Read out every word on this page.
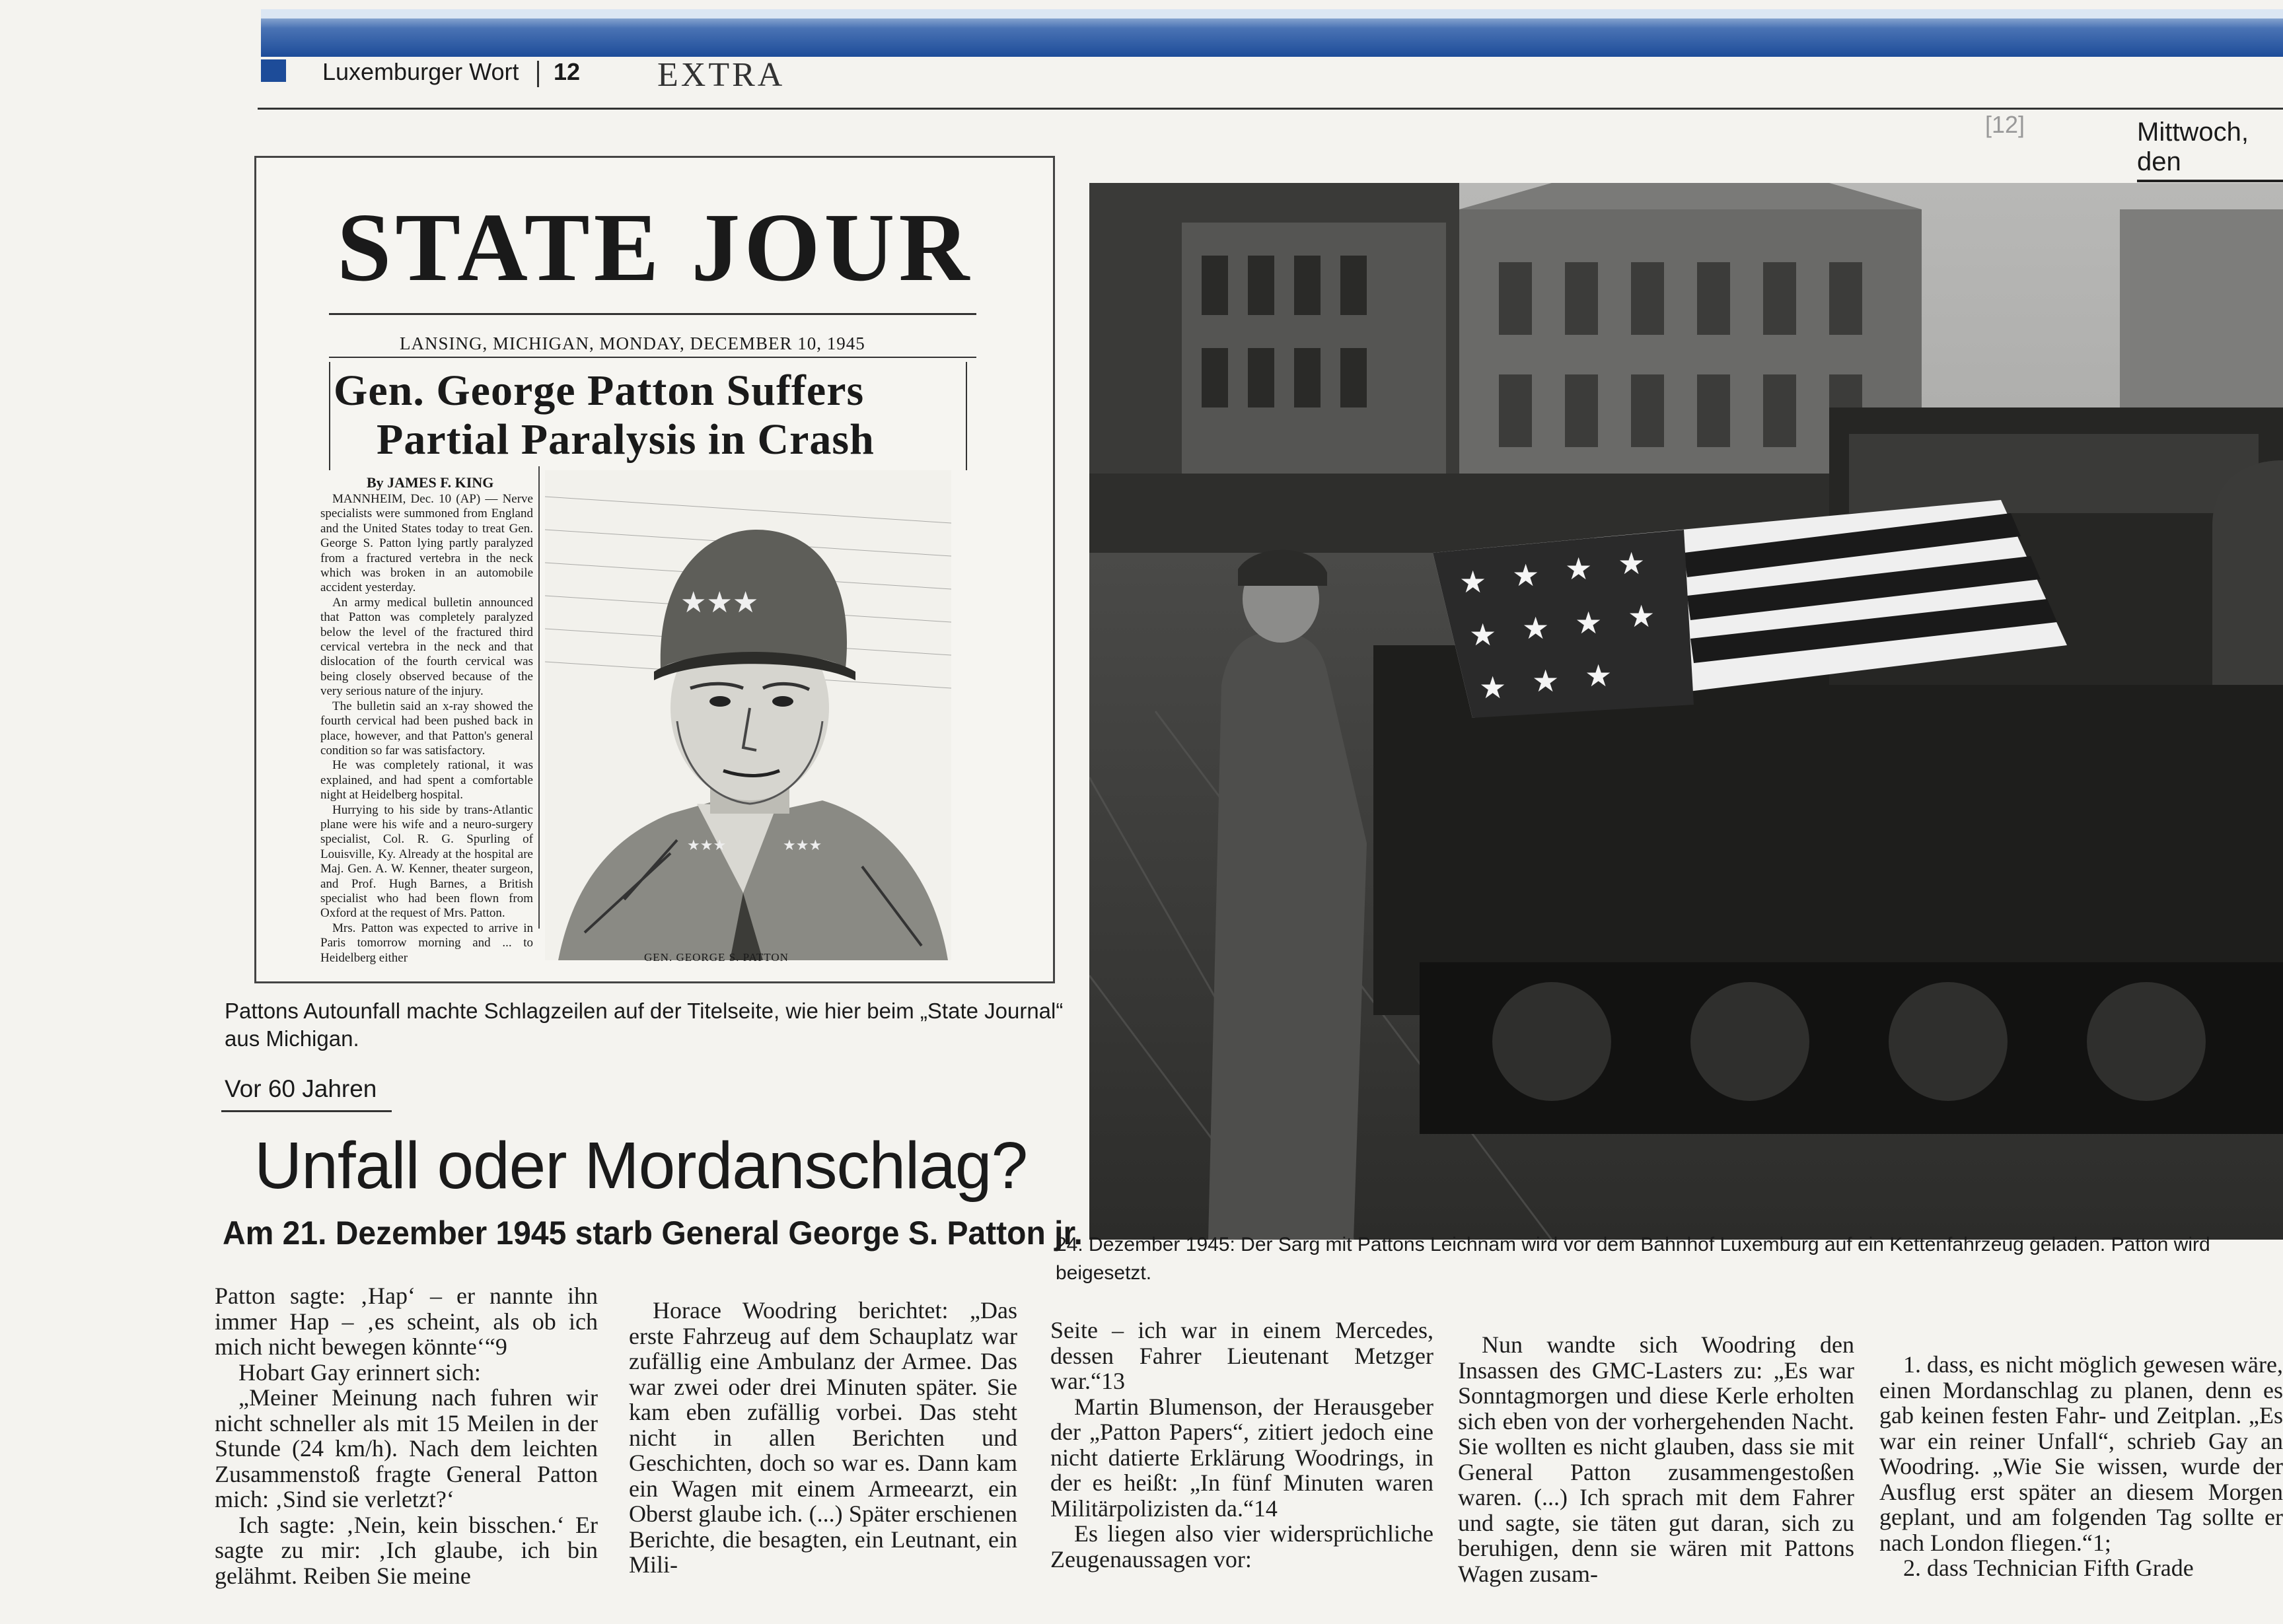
Luxemburger Wort 12 EXTRA
[12]	Mittwoch, den
STATE JOUR
LANSING, MICHIGAN, MONDAY, DECEMBER 10, 1945
Gen. George Patton Suffers
Partial Paralysis in Crash
By JAMES F. KING

MANNHEIM, Dec. 10 (AP) — Nerve specialists were summoned from England and the United States today to treat Gen. George S. Patton lying partly paralyzed from a fractured vertebra in the neck which was broken in an automobile accident yesterday.

An army medical bulletin announced that Patton was completely paralyzed below the level of the fractured third cervical vertebra in the neck and that dislocation of the fourth cervical was being closely observed because of the very serious nature of the injury.

The bulletin said an x-ray showed the fourth cervical had been pushed back in place, however, and that Patton's general condition so far was satisfactory.

He was completely rational, it was explained, and had spent a comfortable night at Heidelberg hospital.

Hurrying to his side by trans-Atlantic plane were his wife and a neuro-surgery specialist, Col. R. G. Spurling of Louisville, Ky. Already at the hospital are Maj. Gen. A. W. Kenner, theater surgeon, and Prof. Hugh Barnes, a British specialist who had been flown from Oxford at the request of Mrs. Patton.

Mrs. Patton was expected to arrive in Paris tomorrow morning and ... to Heidelberg either

★★★
★★★	★★★
GEN. GEORGE S. PATTON
Pattons Autounfall machte Schlagzeilen auf der Titelseite, wie hier beim „State Journal“ aus Michigan.
Vor 60 Jahren
Unfall oder Mordanschlag?
Am 21. Dezember 1945 starb General George S. Patton jr.
★ ★ ★ ★
★ ★ ★ ★
★ ★ ★
24. Dezember 1945: Der Sarg mit Pattons Leichnam wird vor dem Bahnhof Luxemburg auf ein Kettenfahrzeug geladen. Patton wird beigesetzt.

Patton sagte: ‚Hap‘ – er nannte ihn immer Hap – ‚es scheint, als ob ich mich nicht bewegen könnte‘“9

Hobart Gay erinnert sich:

„Meiner Meinung nach fuhren wir nicht schneller als mit 15 Meilen in der Stunde (24 km/h). Nach dem leichten Zusammenstoß fragte General Patton mich: ‚Sind sie verletzt?‘

Ich sagte: ‚Nein, kein bisschen.‘ Er sagte zu mir: ‚Ich glaube, ich bin gelähmt. Reiben Sie meine

Horace Woodring berichtet: „Das erste Fahrzeug auf dem Schauplatz war zufällig eine Ambulanz der Armee. Das war zwei oder drei Minuten später. Sie kam eben zufällig vorbei. Das steht nicht in allen Berichten und Geschichten, doch so war es. Dann kam ein Wagen mit einem Armeearzt, ein Oberst glaube ich. (...) Später erschienen Berichte, die besagten, ein Leutnant, ein Mili-

Seite – ich war in einem Mercedes, dessen Fahrer Lieutenant Metzger war.“13

Martin Blumenson, der Herausgeber der „Patton Papers“, zitiert jedoch eine nicht datierte Erklärung Woodrings, in der es heißt: „In fünf Minuten waren Militärpolizisten da.“14

Es liegen also vier widersprüchliche Zeugenaussagen vor:

Nun wandte sich Woodring den Insassen des GMC-Lasters zu: „Es war Sonntagmorgen und diese Kerle erholten sich eben von der vorhergehenden Nacht. Sie wollten es nicht glauben, dass sie mit General Patton zusammengestoßen waren. (...) Ich sprach mit dem Fahrer und sagte, sie täten gut daran, sich zu beruhigen, denn sie wären mit Pattons Wagen zusam-

1. dass, es nicht möglich gewesen wäre, einen Mordanschlag zu planen, denn es gab keinen festen Fahr- und Zeitplan. „Es war ein reiner Unfall“, schrieb Gay an Woodring. „Wie Sie wissen, wurde der Ausflug erst später an diesem Morgen geplant, und am folgenden Tag sollte er nach London fliegen.“1;

2. dass Technician Fifth Grade
